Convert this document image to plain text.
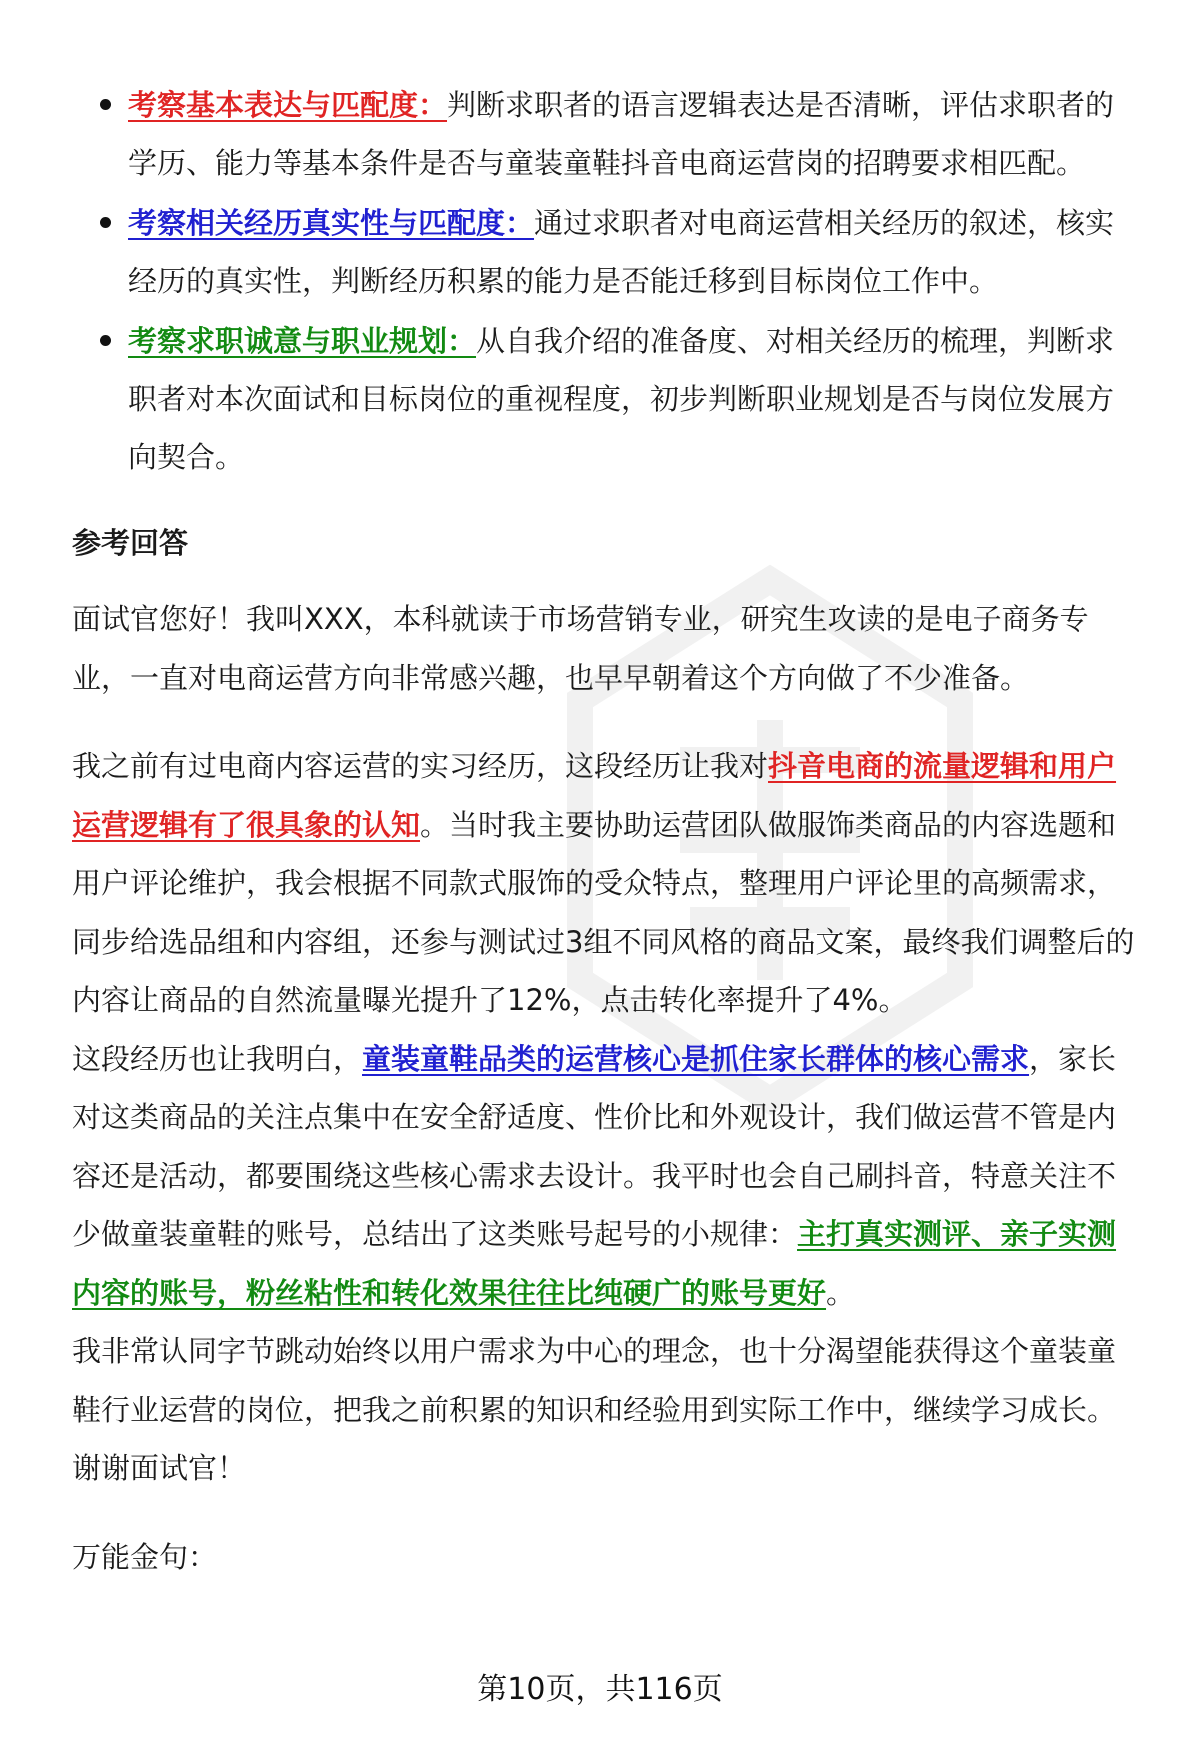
考察基本表达与匹配度：判断求职者的语言逻辑表达是否清晰，评估求职者的学历、能力等基本条件是否与童装童鞋抖音电商运营岗的招聘要求相匹配。
考察相关经历真实性与匹配度：通过求职者对电商运营相关经历的叙述，核实经历的真实性，判断经历积累的能力是否能迁移到目标岗位工作中。
考察求职诚意与职业规划：从自我介绍的准备度、对相关经历的梳理，判断求职者对本次面试和目标岗位的重视程度，初步判断职业规划是否与岗位发展方向契合。
参考回答

面试官您好！我叫XXX，本科就读于市场营销专业，研究生攻读的是电子商务专业，一直对电商运营方向非常感兴趣，也早早朝着这个方向做了不少准备。

我之前有过电商内容运营的实习经历，这段经历让我对抖音电商的流量逻辑和用户运营逻辑有了很具象的认知。当时我主要协助运营团队做服饰类商品的内容选题和用户评论维护，我会根据不同款式服饰的受众特点，整理用户评论里的高频需求，同步给选品组和内容组，还参与测试过3组不同风格的商品文案，最终我们调整后的内容让商品的自然流量曝光提升了12%，点击转化率提升了4%。

这段经历也让我明白，童装童鞋品类的运营核心是抓住家长群体的核心需求，家长对这类商品的关注点集中在安全舒适度、性价比和外观设计，我们做运营不管是内容还是活动，都要围绕这些核心需求去设计。我平时也会自己刷抖音，特意关注不少做童装童鞋的账号，总结出了这类账号起号的小规律：主打真实测评、亲子实测内容的账号，粉丝粘性和转化效果往往比纯硬广的账号更好。

我非常认同字节跳动始终以用户需求为中心的理念，也十分渴望能获得这个童装童鞋行业运营的岗位，把我之前积累的知识和经验用到实际工作中，继续学习成长。谢谢面试官！

万能金句：

第10页，共116页
